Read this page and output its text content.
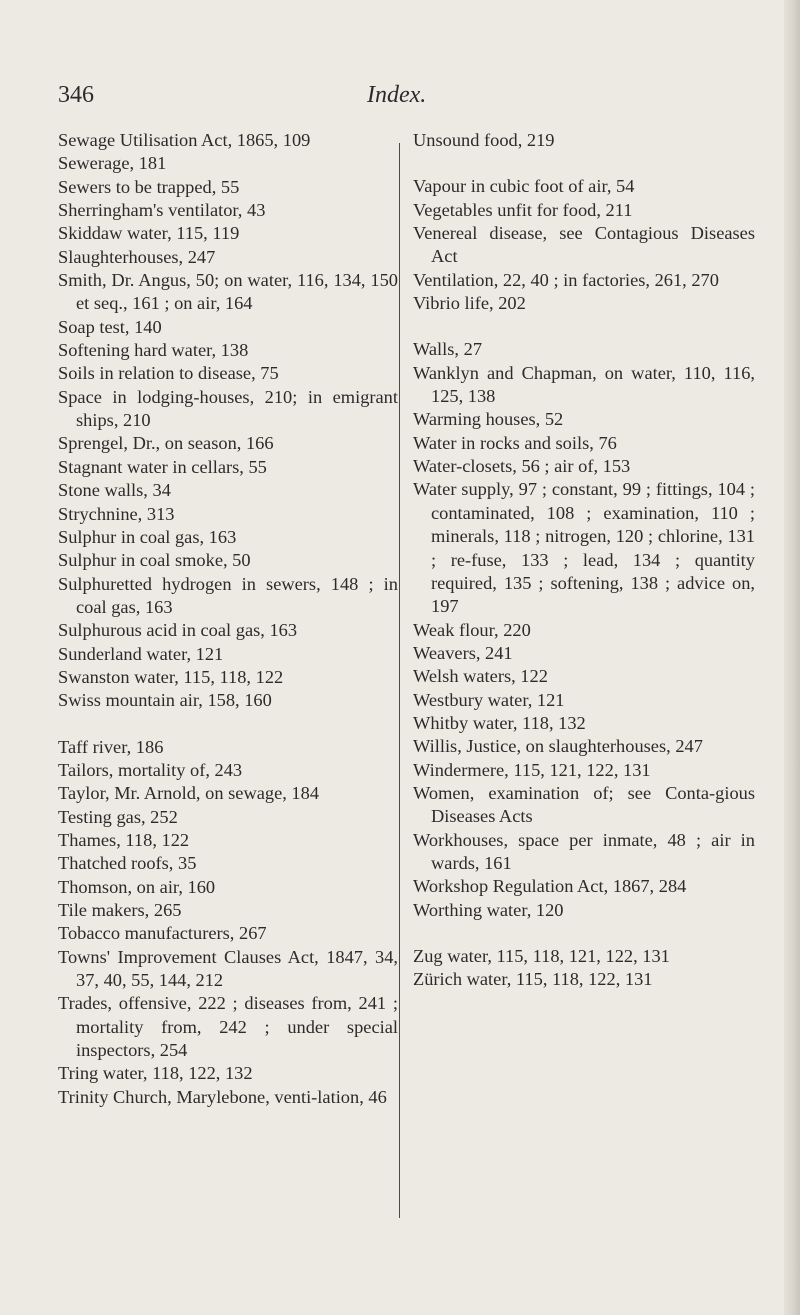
346	Index.
Sewage Utilisation Act, 1865, 109
Sewerage, 181
Sewers to be trapped, 55
Sherringham's ventilator, 43
Skiddaw water, 115, 119
Slaughterhouses, 247
Smith, Dr. Angus, 50; on water, 116, 134, 150 et seq., 161 ; on air, 164
Soap test, 140
Softening hard water, 138
Soils in relation to disease, 75
Space in lodging-houses, 210; in emigrant ships, 210
Sprengel, Dr., on season, 166
Stagnant water in cellars, 55
Stone walls, 34
Strychnine, 313
Sulphur in coal gas, 163
Sulphur in coal smoke, 50
Sulphuretted hydrogen in sewers, 148 ; in coal gas, 163
Sulphurous acid in coal gas, 163
Sunderland water, 121
Swanston water, 115, 118, 122
Swiss mountain air, 158, 160
Taff river, 186
Tailors, mortality of, 243
Taylor, Mr. Arnold, on sewage, 184
Testing gas, 252
Thames, 118, 122
Thatched roofs, 35
Thomson, on air, 160
Tile makers, 265
Tobacco manufacturers, 267
Towns' Improvement Clauses Act, 1847, 34, 37, 40, 55, 144, 212
Trades, offensive, 222 ; diseases from, 241 ; mortality from, 242 ; under special inspectors, 254
Tring water, 118, 122, 132
Trinity Church, Marylebone, venti-lation, 46
Unsound food, 219
Vapour in cubic foot of air, 54
Vegetables unfit for food, 211
Venereal disease, see Contagious Diseases Act
Ventilation, 22, 40 ; in factories, 261, 270
Vibrio life, 202
Walls, 27
Wanklyn and Chapman, on water, 110, 116, 125, 138
Warming houses, 52
Water in rocks and soils, 76
Water-closets, 56 ; air of, 153
Water supply, 97 ; constant, 99 ; fittings, 104 ; contaminated, 108 ; examination, 110 ; minerals, 118 ; nitrogen, 120 ; chlorine, 131 ; re-fuse, 133 ; lead, 134 ; quantity required, 135 ; softening, 138 ; advice on, 197
Weak flour, 220
Weavers, 241
Welsh waters, 122
Westbury water, 121
Whitby water, 118, 132
Willis, Justice, on slaughterhouses, 247
Windermere, 115, 121, 122, 131
Women, examination of; see Conta-gious Diseases Acts
Workhouses, space per inmate, 48 ; air in wards, 161
Workshop Regulation Act, 1867, 284
Worthing water, 120
Zug water, 115, 118, 121, 122, 131
Zürich water, 115, 118, 122, 131
